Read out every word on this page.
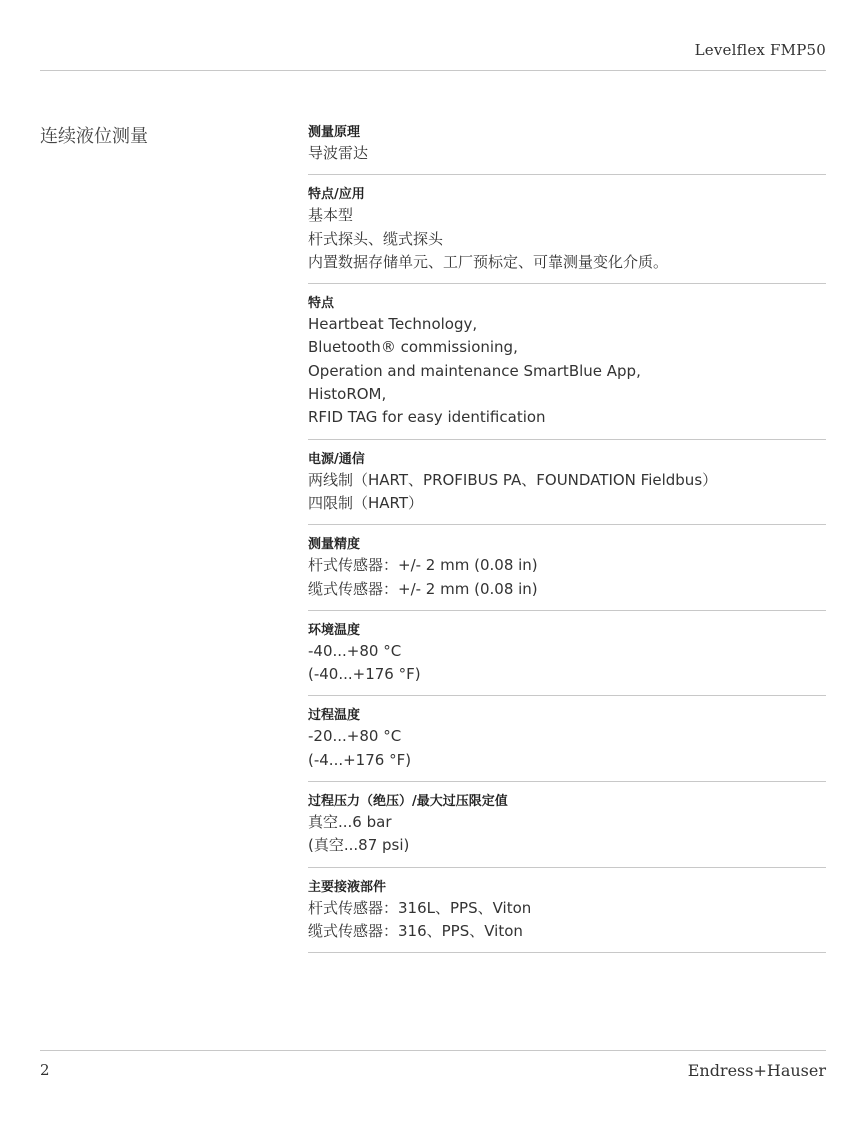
Levelflex FMP50
连续液位测量	测量原理
导波雷达
特点/应用
基本型
杆式探头、缆式探头
内置数据存储单元、工厂预标定、可靠测量变化介质。
特点
Heartbeat Technology,
Bluetooth® commissioning,
Operation and maintenance SmartBlue App,
HistoROM,
RFID TAG for easy identification
电源/通信
两线制（HART、PROFIBUS PA、FOUNDATION Fieldbus）
四限制（HART）
测量精度
杆式传感器：+/- 2 mm (0.08 in)
缆式传感器：+/- 2 mm (0.08 in)
环境温度
-40...+80 °C
(-40...+176 °F)
过程温度
-20...+80 °C
(-4...+176 °F)
过程压力（绝压）/最大过压限定值
真空...6 bar
(真空...87 psi)
主要接液部件
杆式传感器：316L、PPS、Viton
缆式传感器：316、PPS、Viton
2	Endress+Hauser
